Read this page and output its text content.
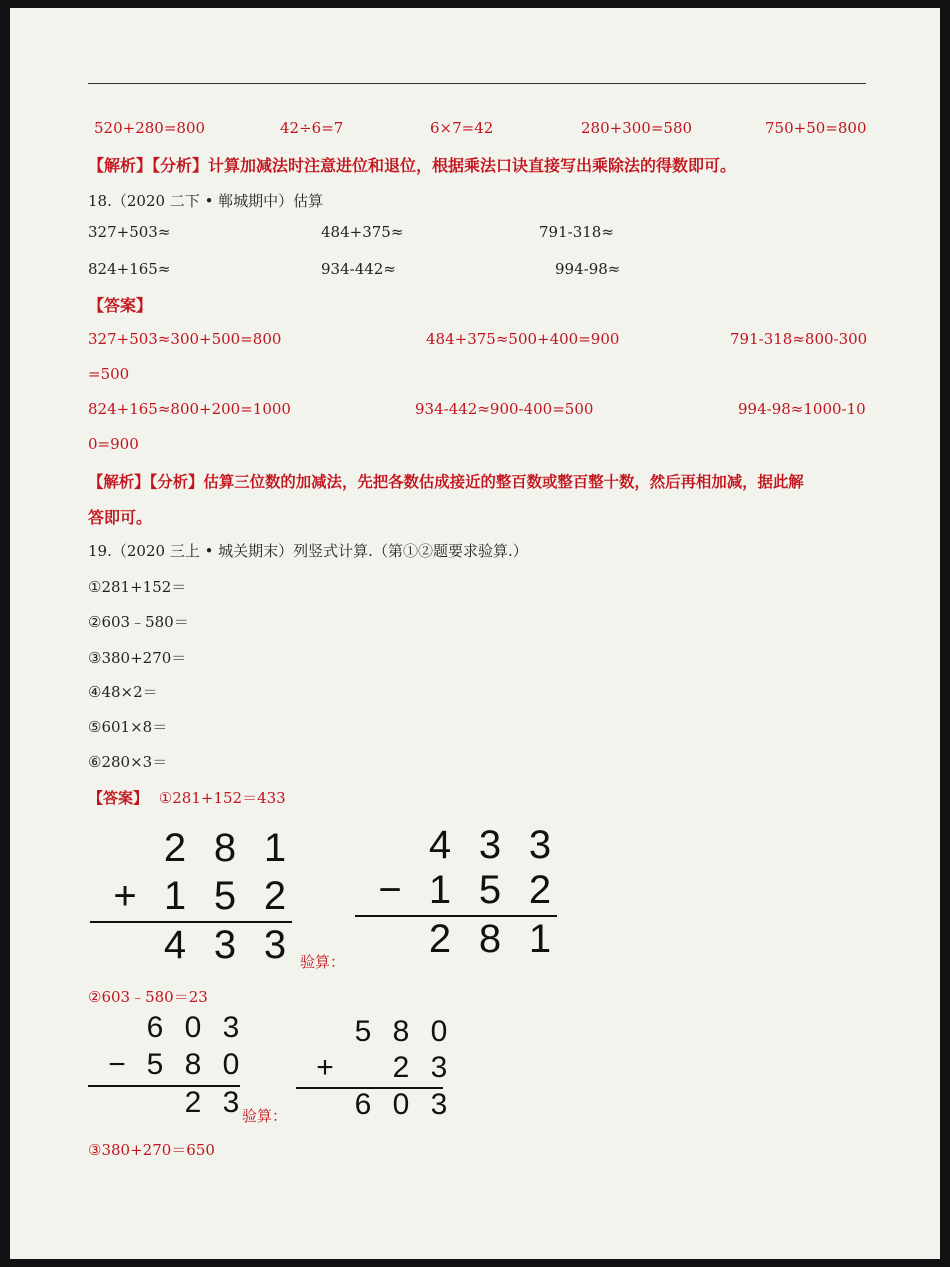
520+280=800	42÷6=7	6×7=42	280+300=580	750+50=800
【解析】【分析】计算加减法时注意进位和退位，根据乘法口诀直接写出乘除法的得数即可。
18.（2020 二下 • 郸城期中）估算
327+503≈	484+375≈	791-318≈
824+165≈	934-442≈	994-98≈
【答案】
327+503≈300+500=800	484+375≈500+400=900	791-318≈800-300
=500
824+165≈800+200=1000	934-442≈900-400=500	994-98≈1000-10
0=900
【解析】【分析】估算三位数的加减法，先把各数估成接近的整百数或整百整十数，然后再相加减，据此解
答即可。
19.（2020 三上 • 城关期末）列竖式计算.（第①②题要求验算.）
①281+152＝
②603﹣580＝
③380+270＝
④48×2＝
⑤601×8＝
⑥280×3＝
【答案】 ①281+152＝433
2 8 1
+ 1 5 2
4 3 3 验算：
4 3 3
− 1 5 2
2 8 1
②603﹣580＝23
6 0 3
− 5 8 0
2 3 验算：
5 8 0
+	2 3
6 0 3
③380+270＝650
